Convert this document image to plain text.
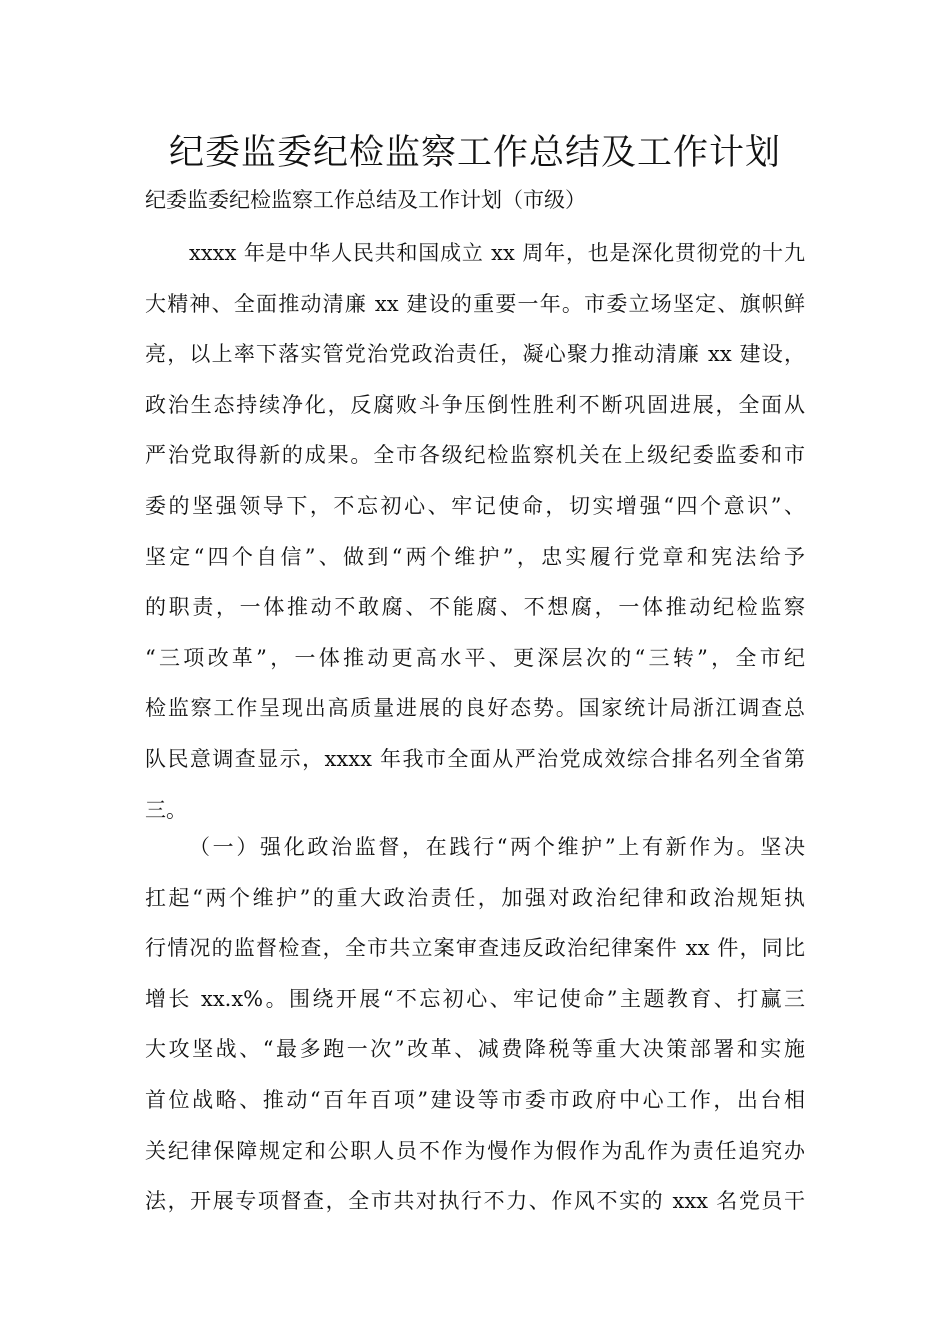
纪委监委纪检监察工作总结及工作计划

纪委监委纪检监察工作总结及工作计划（市级）

xxxx 年是中华人民共和国成立 xx 周年，也是深化贯彻党的十九
大精神、全面推动清廉 xx 建设的重要一年。市委立场坚定、旗帜鲜
亮，以上率下落实管党治党政治责任，凝心聚力推动清廉 xx 建设，
政治生态持续净化，反腐败斗争压倒性胜利不断巩固进展，全面从
严治党取得新的成果。全市各级纪检监察机关在上级纪委监委和市
委的坚强领导下，不忘初心、牢记使命，切实增强“四个意识”、
坚定“四个自信”、做到“两个维护”，忠实履行党章和宪法给予
的职责，一体推动不敢腐、不能腐、不想腐，一体推动纪检监察
“三项改革”，一体推动更高水平、更深层次的“三转”，全市纪
检监察工作呈现出高质量进展的良好态势。国家统计局浙江调查总
队民意调查显示，xxxx 年我市全面从严治党成效综合排名列全省第
三。
（一）强化政治监督，在践行“两个维护”上有新作为。坚决
扛起“两个维护”的重大政治责任，加强对政治纪律和政治规矩执
行情况的监督检查，全市共立案审查违反政治纪律案件 xx 件，同比
增长 xx.x%。围绕开展“不忘初心、牢记使命”主题教育、打赢三
大攻坚战、“最多跑一次”改革、减费降税等重大决策部署和实施
首位战略、推动“百年百项”建设等市委市政府中心工作，出台相
关纪律保障规定和公职人员不作为慢作为假作为乱作为责任追究办
法，开展专项督查，全市共对执行不力、作风不实的 xxx 名党员干
